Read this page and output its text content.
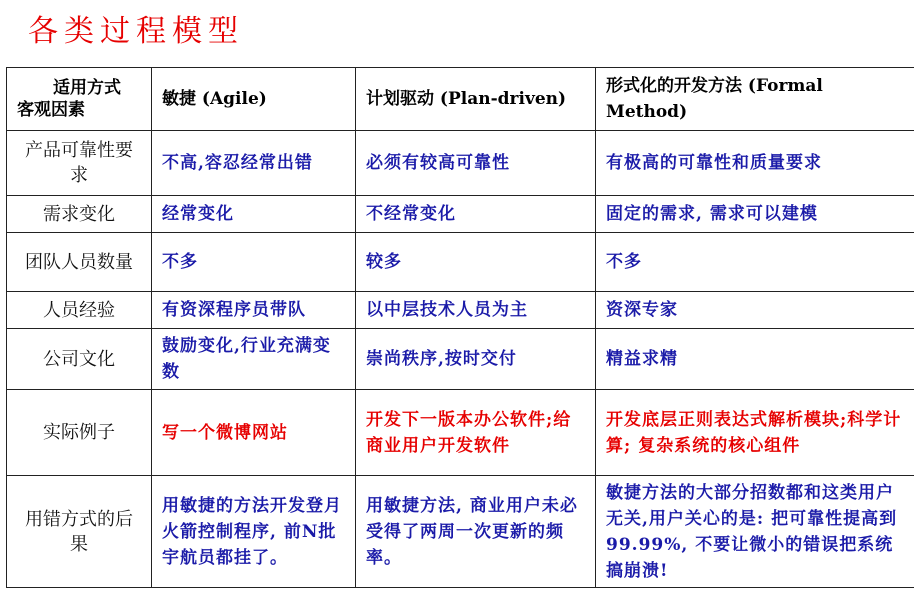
各类过程模型
适用方式
客观因素	敏捷 (Agile)	计划驱动 (Plan-driven)	形式化的开发方法 (Formal Method)
产品可靠性要求	不高,容忍经常出错	必须有较高可靠性	有极高的可靠性和质量要求
需求变化	经常变化	不经常变化	固定的需求, 需求可以建模
团队人员数量	不多	较多	不多
人员经验	有资深程序员带队	以中层技术人员为主	资深专家
公司文化	鼓励变化,行业充满变数	崇尚秩序,按时交付	精益求精
实际例子	写一个微博网站	开发下一版本办公软件;给商业用户开发软件	开发底层正则表达式解析模块;科学计算; 复杂系统的核心组件
用错方式的后果	用敏捷的方法开发登月火箭控制程序, 前N批宇航员都挂了。	用敏捷方法, 商业用户未必受得了两周一次更新的频率。	敏捷方法的大部分招数都和这类用户无关,用户关心的是: 把可靠性提高到99.99%, 不要让微小的错误把系统搞崩溃!
